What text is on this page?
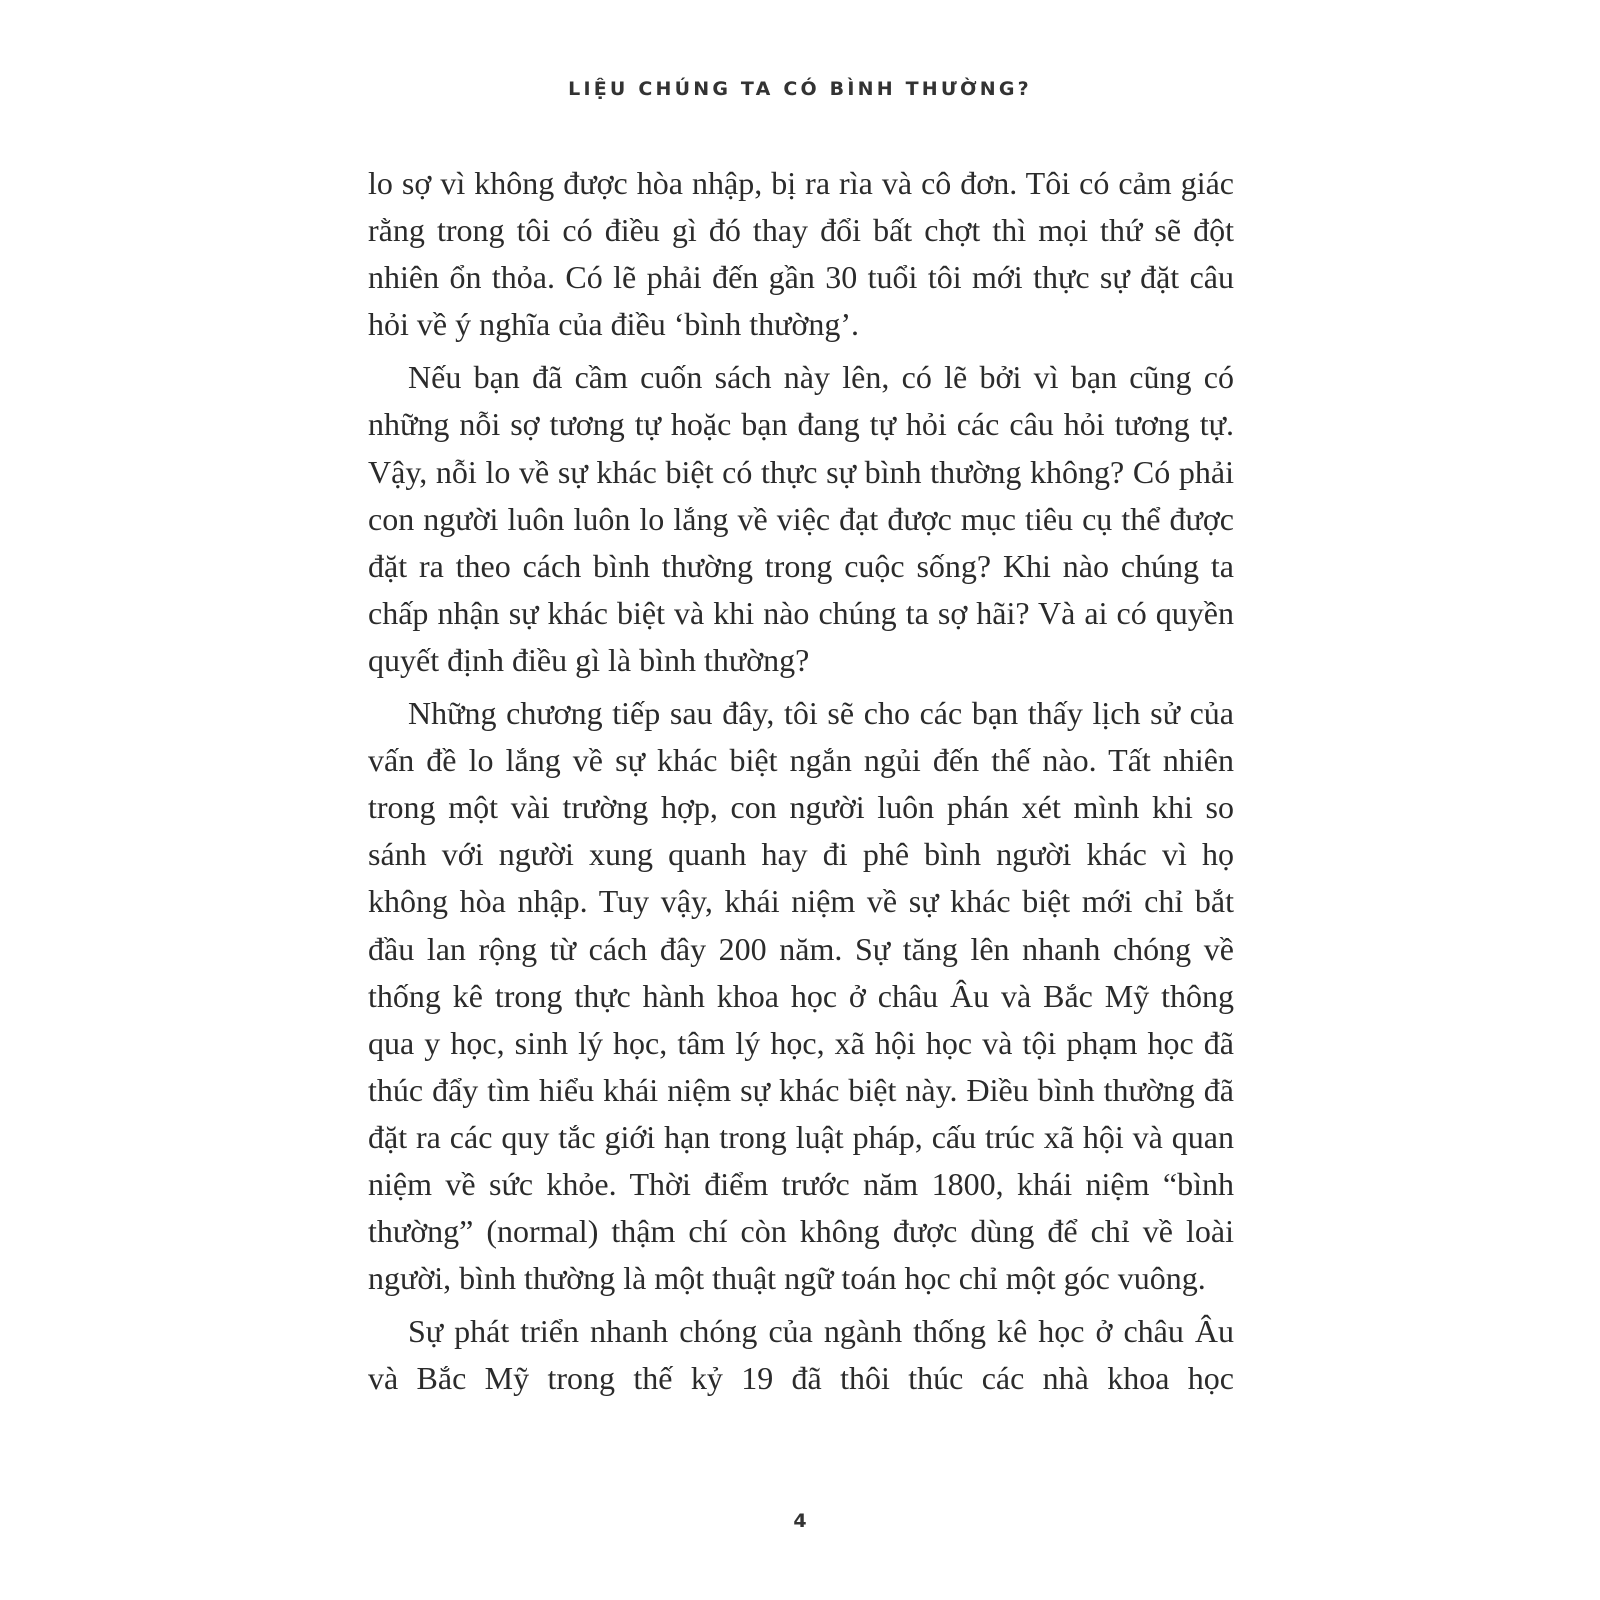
LIỆU CHÚNG TA CÓ BÌNH THƯỜNG?

lo sợ vì không được hòa nhập, bị ra rìa và cô đơn. Tôi có cảm giác rằng trong tôi có điều gì đó thay đổi bất chợt thì mọi thứ sẽ đột nhiên ổn thỏa. Có lẽ phải đến gần 30 tuổi tôi mới thực sự đặt câu hỏi về ý nghĩa của điều ‘bình thường’.

Nếu bạn đã cầm cuốn sách này lên, có lẽ bởi vì bạn cũng có những nỗi sợ tương tự hoặc bạn đang tự hỏi các câu hỏi tương tự. Vậy, nỗi lo về sự khác biệt có thực sự bình thường không? Có phải con người luôn luôn lo lắng về việc đạt được mục tiêu cụ thể được đặt ra theo cách bình thường trong cuộc sống? Khi nào chúng ta chấp nhận sự khác biệt và khi nào chúng ta sợ hãi? Và ai có quyền quyết định điều gì là bình thường?

Những chương tiếp sau đây, tôi sẽ cho các bạn thấy lịch sử của vấn đề lo lắng về sự khác biệt ngắn ngủi đến thế nào. Tất nhiên trong một vài trường hợp, con người luôn phán xét mình khi so sánh với người xung quanh hay đi phê bình người khác vì họ không hòa nhập. Tuy vậy, khái niệm về sự khác biệt mới chỉ bắt đầu lan rộng từ cách đây 200 năm. Sự tăng lên nhanh chóng về thống kê trong thực hành khoa học ở châu Âu và Bắc Mỹ thông qua y học, sinh lý học, tâm lý học, xã hội học và tội phạm học đã thúc đẩy tìm hiểu khái niệm sự khác biệt này. Điều bình thường đã đặt ra các quy tắc giới hạn trong luật pháp, cấu trúc xã hội và quan niệm về sức khỏe. Thời điểm trước năm 1800, khái niệm “bình thường” (normal) thậm chí còn không được dùng để chỉ về loài người, bình thường là một thuật ngữ toán học chỉ một góc vuông.

Sự phát triển nhanh chóng của ngành thống kê học ở châu Âu và Bắc Mỹ trong thế kỷ 19 đã thôi thúc các nhà khoa học

4
